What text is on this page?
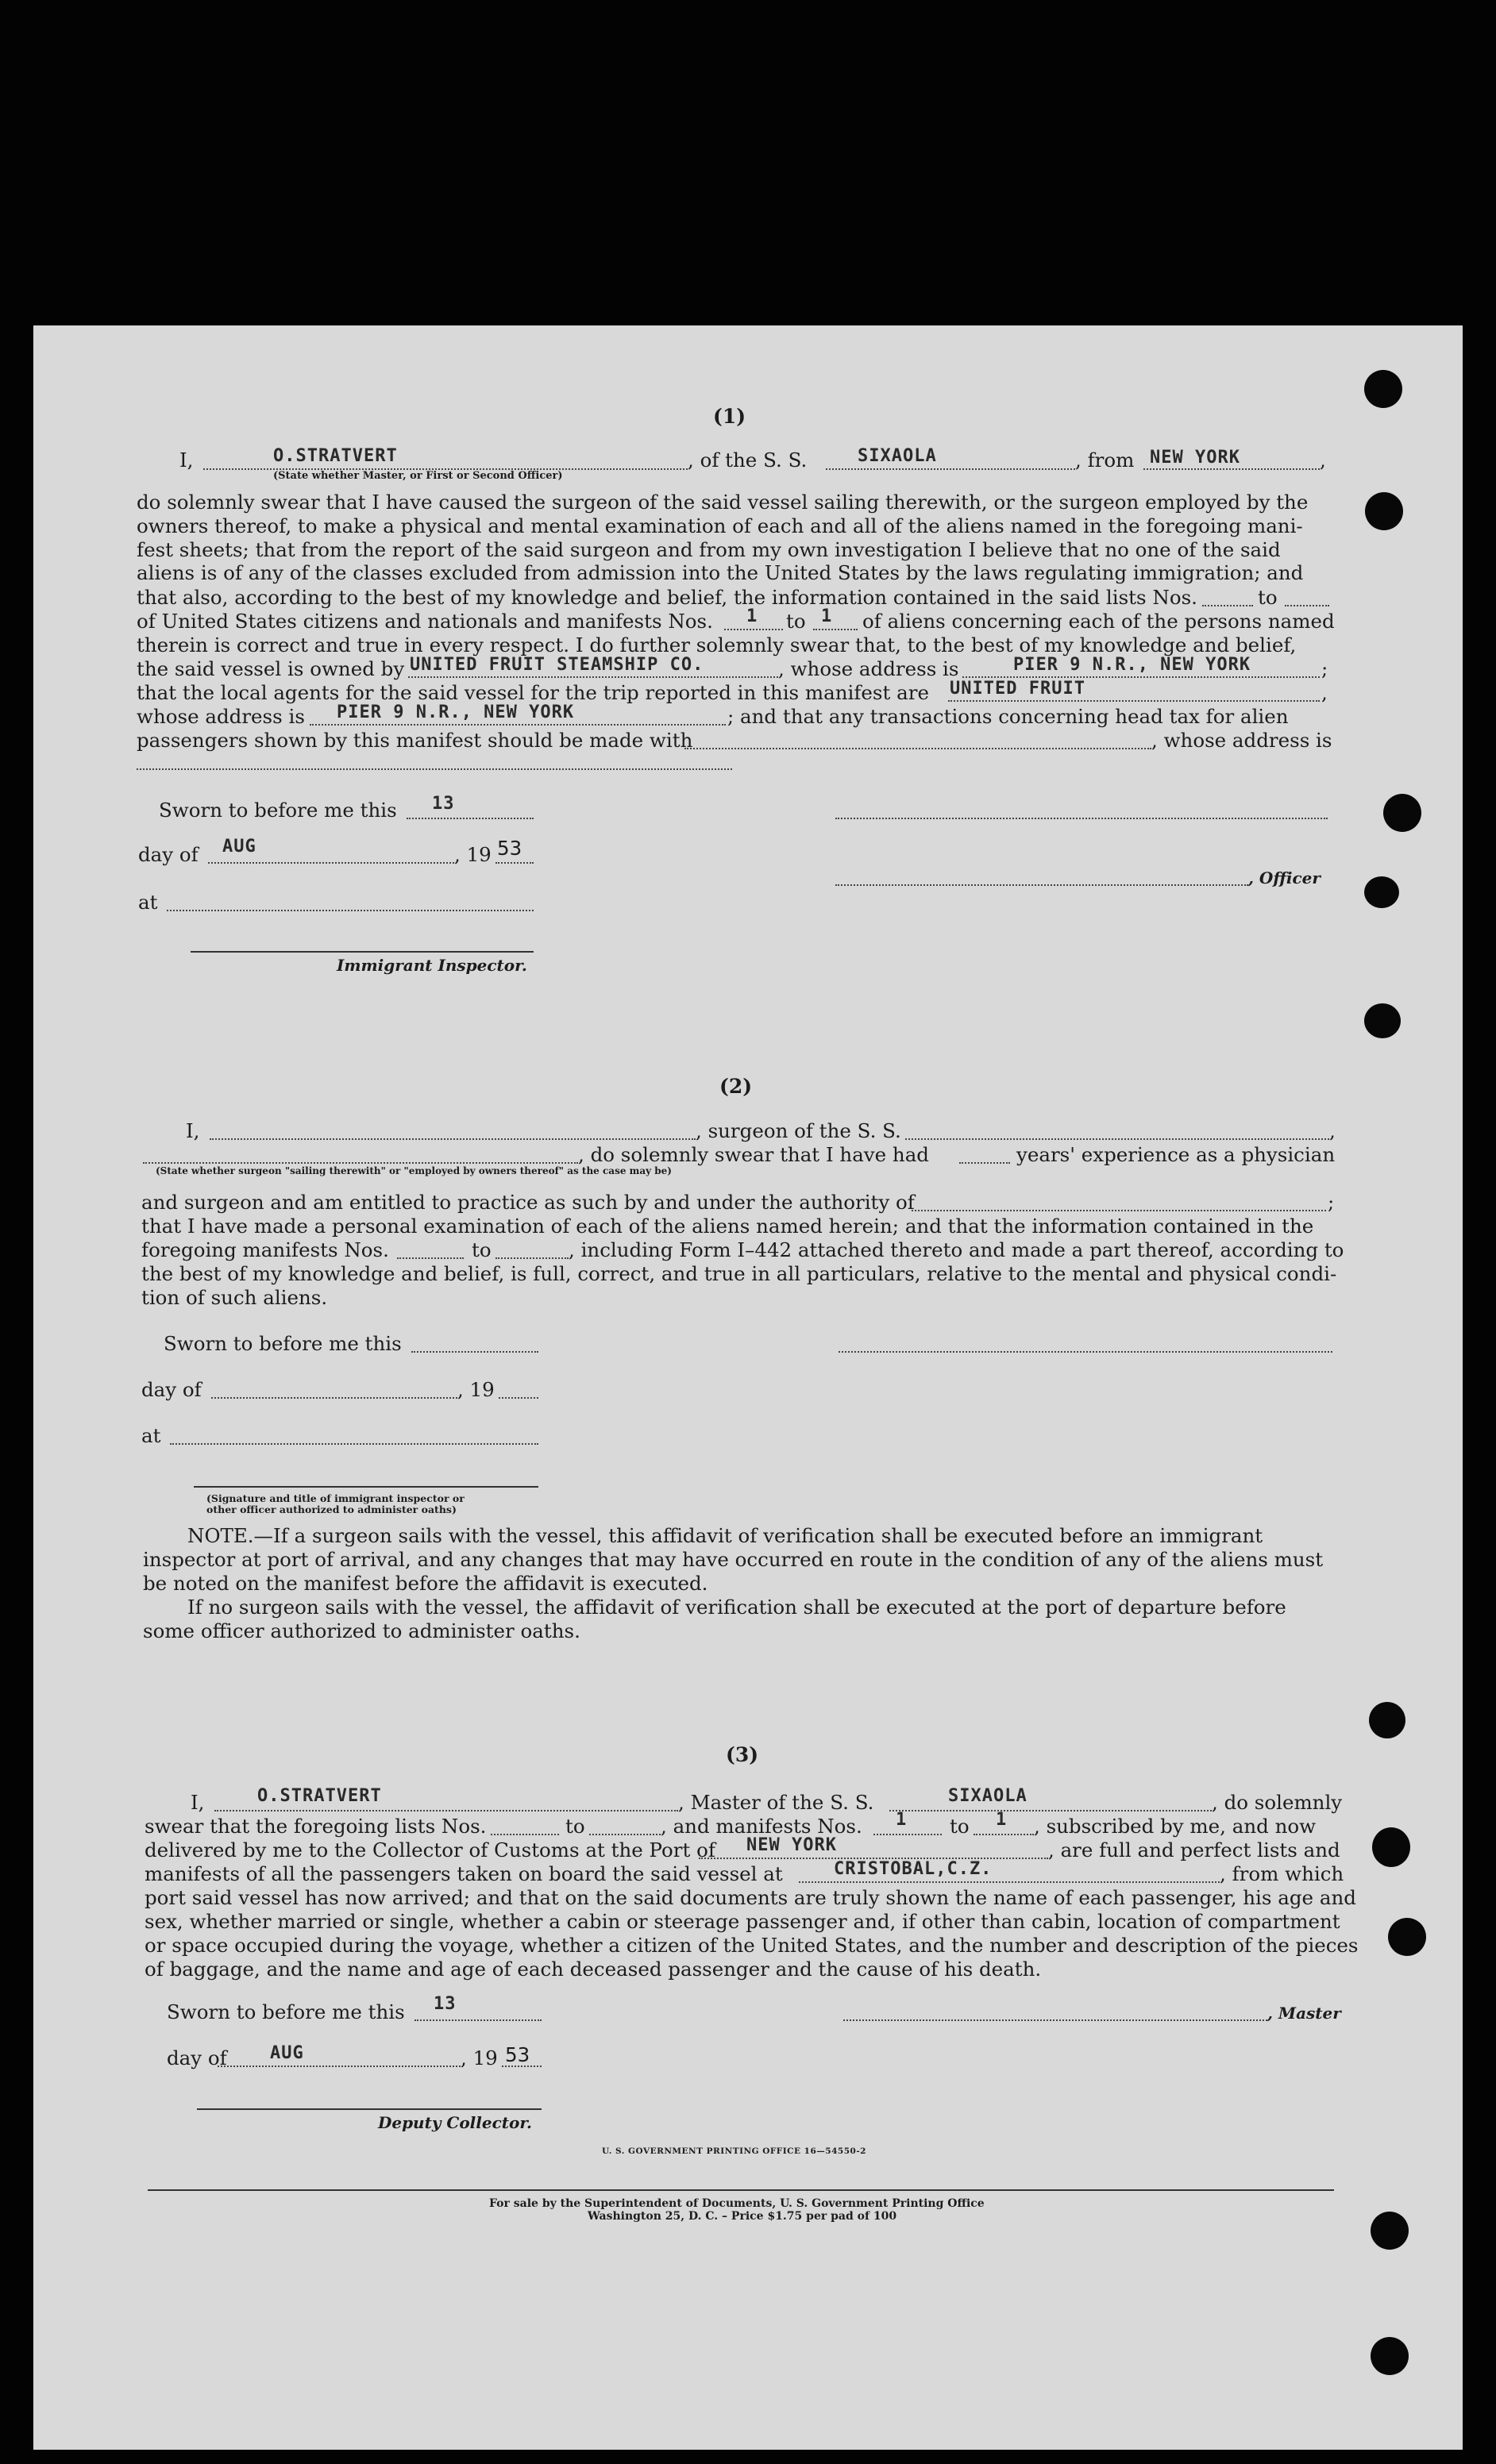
(1)
I,	O.STRATVERT
(State whether Master, or First or Second Officer)
, of the S. S.	SIXAOLA	, from NEW YORK	,
do solemnly swear that I have caused the surgeon of the said vessel sailing therewith, or the surgeon employed by the
owners thereof, to make a physical and mental examination of each and all of the aliens named in the foregoing mani-
fest sheets; that from the report of the said surgeon and from my own investigation I believe that no one of the said
aliens is of any of the classes excluded from admission into the United States by the laws regulating immigration; and
that also, according to the best of my knowledge and belief, the information contained in the said lists Nos.	to
of United States citizens and nationals and manifests Nos. 1 to 1 of aliens concerning each of the persons named
therein is correct and true in every respect. I do further solemnly swear that, to the best of my knowledge and belief,
the said vessel is owned by UNITED FRUIT STEAMSHIP CO.	, whose address is	PIER 9 N.R., NEW YORK	;
that the local agents for the said vessel for the trip reported in this manifest are UNITED FRUIT	,
whose address is PIER 9 N.R., NEW YORK	; and that any transactions concerning head tax for alien
passengers shown by this manifest should be made with	, whose address is
Sworn to before me this 13
day of AUG	, 19 53
, Officer
at
Immigrant Inspector.
(2)
I,	, surgeon of the S. S.	,
, do solemnly swear that I have had	years' experience as a physician
(State whether surgeon "sailing therewith" or "employed by owners thereof" as the case may be)
and surgeon and am entitled to practice as such by and under the authority of	;
that I have made a personal examination of each of the aliens named herein; and that the information contained in the
foregoing manifests Nos.	to	, including Form I–442 attached thereto and made a part thereof, according to
the best of my knowledge and belief, is full, correct, and true in all particulars, relative to the mental and physical condi-
tion of such aliens.
Sworn to before me this
day of	, 19
at
(Signature and title of immigrant inspector or
other officer authorized to administer oaths)
NOTE.—If a surgeon sails with the vessel, this affidavit of verification shall be executed before an immigrant
inspector at port of arrival, and any changes that may have occurred en route in the condition of any of the aliens must
be noted on the manifest before the affidavit is executed.
If no surgeon sails with the vessel, the affidavit of verification shall be executed at the port of departure before
some officer authorized to administer oaths.
(3)
I,	O.STRATVERT	, Master of the S. S.	SIXAOLA	, do solemnly
swear that the foregoing lists Nos.	to	, and manifests Nos. 1 to 1 , subscribed by me, and now
delivered by me to the Collector of Customs at the Port of NEW YORK	, are full and perfect lists and
manifests of all the passengers taken on board the said vessel at	CRISTOBAL,C.Z.	, from which
port said vessel has now arrived; and that on the said documents are truly shown the name of each passenger, his age and
sex, whether married or single, whether a cabin or steerage passenger and, if other than cabin, location of compartment
or space occupied during the voyage, whether a citizen of the United States, and the number and description of the pieces
of baggage, and the name and age of each deceased passenger and the cause of his death.
Sworn to before me this 13	, Master
day of AUG	, 19 53
Deputy Collector.
U. S. GOVERNMENT PRINTING OFFICE 16—54550-2
For sale by the Superintendent of Documents, U. S. Government Printing Office
Washington 25, D. C. – Price $1.75 per pad of 100
